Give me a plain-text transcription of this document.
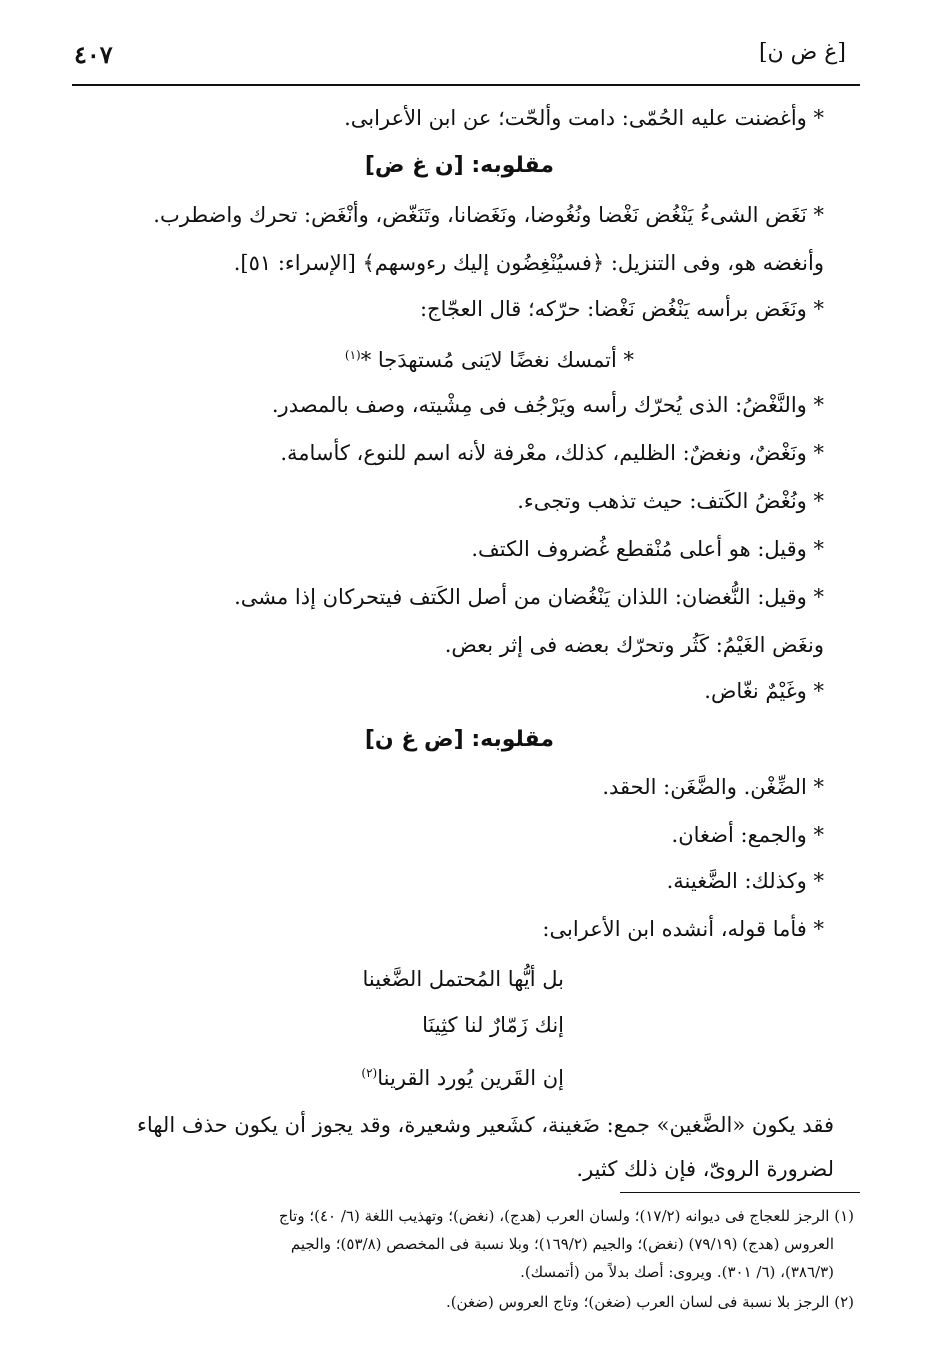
٤٠٧	[غ ض ن]
* وأغضنت عليه الحُمّى: دامت وألحّت؛ عن ابن الأعرابى.
مقلوبه: [ن غ ض]
* نَغَض الشىءُ يَنْغُض نَغْضا ونُغُوضا، ونَغَضانا، وتَنَغّض، وأنْغَض: تحرك واضطرب.
وأنغضه هو، وفى التنزيل: ﴿فسيُنْغِضُون إليك رءوسهم﴾ [الإسراء: ٥١].
* ونَغَض برأسه يَنْغُض نَغْضا: حرّكه؛ قال العجّاج:
* أتمسك نغضًا لايَنى مُستهدَجا *$^{(١)}$
* والنَّغْضُ: الذى يُحرّك رأسه ويَرْجُف فى مِشْيته، وصف بالمصدر.
* ونَغْضٌ، ونغضٌ: الظليم، كذلك، معْرفة لأنه اسم للنوع، كأسامة.
* ونُغْضُ الكَتف: حيث تذهب وتجىء.
* وقيل: هو أعلى مُنْقطع غُضروف الكتف.
* وقيل: النُّغضان: اللذان يَنْغُضان من أصل الكَتف فيتحركان إذا مشى.
ونغَض الغَيْمُ: كَثُر وتحرّك بعضه فى إثر بعض.
* وغَيْمٌ نغّاض.
مقلوبه: [ض غ ن]
* الضِّغْن. والضَّغَن: الحقد.
* والجمع: أضغان.
* وكذلك: الضَّغينة.
* فأما قوله، أنشده ابن الأعرابى:
بل أيُّها المُحتمل الضَّغينا
إنك زَمّارٌ لنا كثِينَا
إن القَرين يُورد القرينا$^{(٢)}$
فقد يكون «الضَّغين» جمع: ضَغينة، كشَعير وشعيرة، وقد يجوز أن يكون حذف الهاء
لضرورة الروىّ، فإن ذلك كثير.
(١) الرجز للعجاج فى ديوانه (١٧/٢)؛ ولسان العرب (هدج)، (نغض)؛ وتهذيب اللغة (٦/ ٤٠)؛ وتاج
العروس (هدج) (٧٩/١٩) (نغض)؛ والجيم (١٦٩/٢)؛ وبلا نسبة فى المخصص (٥٣/٨)؛ والجيم
(٣٨٦/٣)، (٦/ ٣٠١). ويروى: أصك بدلاً من (أتمسك).
(٢) الرجز بلا نسبة فى لسان العرب (ضغن)؛ وتاج العروس (ضغن).
